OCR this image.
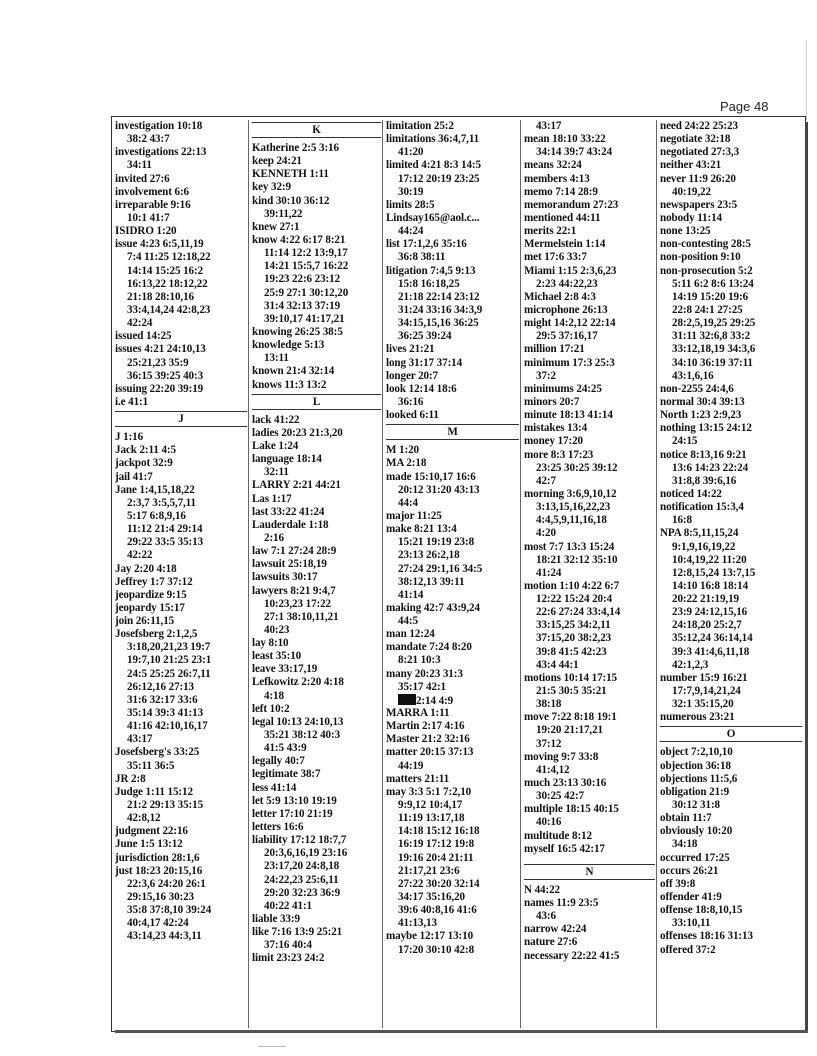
Page 48
investigation 10:18
38:2 43:7
investigations 22:13
34:11
invited 27:6
involvement 6:6
irreparable 9:16
10:1 41:7
ISIDRO 1:20
issue 4:23 6:5,11,19
7:4 11:25 12:18,22
14:14 15:25 16:2
16:13,22 18:12,22
21:18 28:10,16
33:4,14,24 42:8,23
42:24
issued 14:25
issues 4:21 24:10,13
25:21,23 35:9
36:15 39:25 40:3
issuing 22:20 39:19
i.e 41:1
J
J 1:16
Jack 2:11 4:5
jackpot 32:9
jail 41:7
Jane 1:4,15,18,22
2:3,7 3:5,5,7,11
5:17 6:8,9,16
11:12 21:4 29:14
29:22 33:5 35:13
42:22
Jay 2:20 4:18
Jeffrey 1:7 37:12
jeopardize 9:15
jeopardy 15:17
join 26:11,15
Josefsberg 2:1,2,5
3:18,20,21,23 19:7
19:7,10 21:25 23:1
24:5 25:25 26:7,11
26:12,16 27:13
31:6 32:17 33:6
35:14 39:3 41:13
41:16 42:10,16,17
43:17
Josefsberg's 33:25
35:11 36:5
JR 2:8
Judge 1:11 15:12
21:2 29:13 35:15
42:8,12
judgment 22:16
June 1:5 13:12
jurisdiction 28:1,6
just 18:23 20:15,16
22:3,6 24:20 26:1
29:15,16 30:23
35:8 37:8,10 39:24
40:4,17 42:24
43:14,23 44:3,11
K
Katherine 2:5 3:16
keep 24:21
KENNETH 1:11
key 32:9
kind 30:10 36:12
39:11,22
knew 27:1
know 4:22 6:17 8:21
11:14 12:2 13:9,17
14:21 15:5,7 16:22
19:23 22:6 23:12
25:9 27:1 30:12,20
31:4 32:13 37:19
39:10,17 41:17,21
knowing 26:25 38:5
knowledge 5:13
13:11
known 21:4 32:14
knows 11:3 13:2
L
lack 41:22
ladies 20:23 21:3,20
Lake 1:24
language 18:14
32:11
LARRY 2:21 44:21
Las 1:17
last 33:22 41:24
Lauderdale 1:18
2:16
law 7:1 27:24 28:9
lawsuit 25:18,19
lawsuits 30:17
lawyers 8:21 9:4,7
10:23,23 17:22
27:1 38:10,11,21
40:23
lay 8:10
least 35:10
leave 33:17,19
Lefkowitz 2:20 4:18
4:18
left 10:2
legal 10:13 24:10,13
35:21 38:12 40:3
41:5 43:9
legally 40:7
legitimate 38:7
less 41:14
let 5:9 13:10 19:19
letter 17:10 21:19
letters 16:6
liability 17:12 18:7,7
20:3,6,16,19 23:16
23:17,20 24:8,18
24:22,23 25:6,11
29:20 32:23 36:9
40:22 41:1
liable 33:9
like 7:16 13:9 25:21
37:16 40:4
limit 23:23 24:2
limitation 25:2
limitations 36:4,7,11
41:20
limited 4:21 8:3 14:5
17:12 20:19 23:25
30:19
limits 28:5
Lindsay165@aol.c...
44:24
list 17:1,2,6 35:16
36:8 38:11
litigation 7:4,5 9:13
15:8 16:18,25
21:18 22:14 23:12
31:24 33:16 34:3,9
34:15,15,16 36:25
36:25 39:24
lives 21:21
long 31:17 37:14
longer 20:7
look 12:14 18:6
36:16
looked 6:11
M
M 1:20
MA 2:18
made 15:10,17 16:6
20:12 31:20 43:13
44:4
major 11:25
make 8:21 13:4
15:21 19:19 23:8
23:13 26:2,18
27:24 29:1,16 34:5
38:12,13 39:11
41:14
making 42:7 43:9,24
44:5
man 12:24
mandate 7:24 8:20
8:21 10:3
many 20:23 31:3
35:17 42:1
2:14 4:9
MARRA 1:11
Martin 2:17 4:16
Master 21:2 32:16
matter 20:15 37:13
44:19
matters 21:11
may 3:3 5:1 7:2,10
9:9,12 10:4,17
11:19 13:17,18
14:18 15:12 16:18
16:19 17:12 19:8
19:16 20:4 21:11
21:17,21 23:6
27:22 30:20 32:14
34:17 35:16,20
39:6 40:8,16 41:6
41:13,13
maybe 12:17 13:10
17:20 30:10 42:8
43:17
mean 18:10 33:22
34:14 39:7 43:24
means 32:24
members 4:13
memo 7:14 28:9
memorandum 27:23
mentioned 44:11
merits 22:1
Mermelstein 1:14
met 17:6 33:7
Miami 1:15 2:3,6,23
2:23 44:22,23
Michael 2:8 4:3
microphone 26:13
might 14:2,12 22:14
29:5 37:16,17
million 17:21
minimum 17:3 25:3
37:2
minimums 24:25
minors 20:7
minute 18:13 41:14
mistakes 13:4
money 17:20
more 8:3 17:23
23:25 30:25 39:12
42:7
morning 3:6,9,10,12
3:13,15,16,22,23
4:4,5,9,11,16,18
4:20
most 7:7 13:3 15:24
18:21 32:12 35:10
41:24
motion 1:10 4:22 6:7
12:22 15:24 20:4
22:6 27:24 33:4,14
33:15,25 34:2,11
37:15,20 38:2,23
39:8 41:5 42:23
43:4 44:1
motions 10:14 17:15
21:5 30:5 35:21
38:18
move 7:22 8:18 19:1
19:20 21:17,21
37:12
moving 9:7 33:8
41:4,12
much 23:13 30:16
30:25 42:7
multiple 18:15 40:15
40:16
multitude 8:12
myself 16:5 42:17
N
N 44:22
names 11:9 23:5
43:6
narrow 42:24
nature 27:6
necessary 22:22 41:5
need 24:22 25:23
negotiate 32:18
negotiated 27:3,3
neither 43:21
never 11:9 26:20
40:19,22
newspapers 23:5
nobody 11:14
none 13:25
non-contesting 28:5
non-position 9:10
non-prosecution 5:2
5:11 6:2 8:6 13:24
14:19 15:20 19:6
22:8 24:1 27:25
28:2,5,19,25 29:25
31:11 32:6,8 33:2
33:12,18,19 34:3,6
34:10 36:19 37:11
43:1,6,16
non-2255 24:4,6
normal 30:4 39:13
North 1:23 2:9,23
nothing 13:15 24:12
24:15
notice 8:13,16 9:21
13:6 14:23 22:24
31:8,8 39:6,16
noticed 14:22
notification 15:3,4
16:8
NPA 8:5,11,15,24
9:1,9,16,19,22
10:4,19,22 11:20
12:8,15,24 13:7,15
14:10 16:8 18:14
20:22 21:19,19
23:9 24:12,15,16
24:18,20 25:2,7
35:12,24 36:14,14
39:3 41:4,6,11,18
42:1,2,3
number 15:9 16:21
17:7,9,14,21,24
32:1 35:15,20
numerous 23:21
O
object 7:2,10,10
objection 36:18
objections 11:5,6
obligation 21:9
30:12 31:8
obtain 11:7
obviously 10:20
34:18
occurred 17:25
occurs 26:21
off 39:8
offender 41:9
offense 18:8,10,15
33:10,11
offenses 18:16 31:13
offered 37:2
